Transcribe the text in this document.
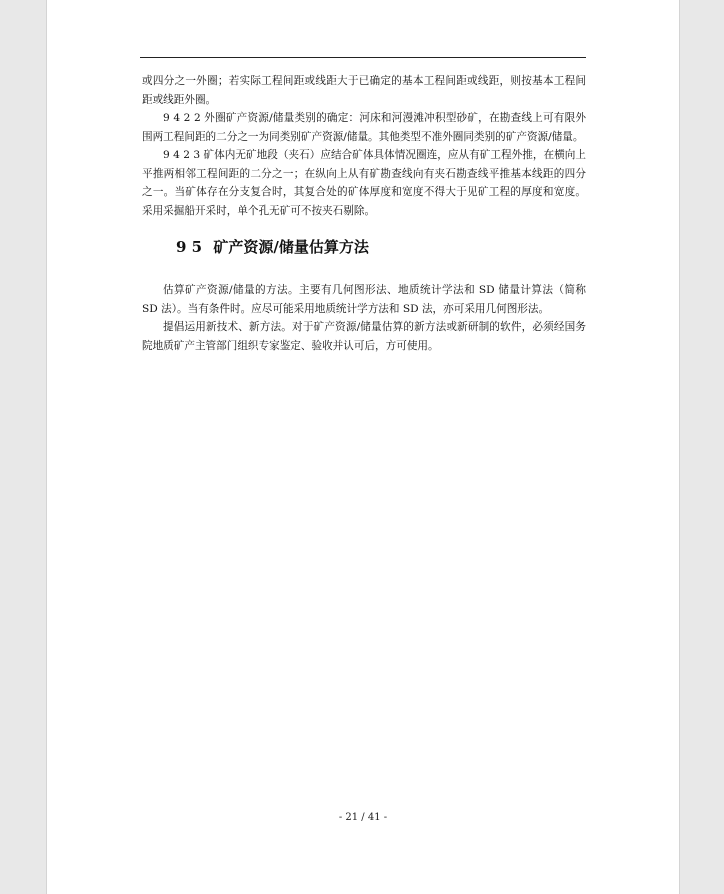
或四分之一外圈；若实际工程间距或线距大于已确定的基本工程间距或线距，则按基本工程间距或线距外圈。

9 4 2 2 外圈矿产资源/储量类别的确定：河床和河漫滩冲积型砂矿，在勘查线上可有限外围两工程间距的二分之一为同类别矿产资源/储量。其他类型不准外圈同类别的矿产资源/储量。

9 4 2 3 矿体内无矿地段（夹石）应结合矿体具体情况圈连，应从有矿工程外推，在横向上平推两相邻工程间距的二分之一；在纵向上从有矿勘查线向有夹石勘查线平推基本线距的四分之一。当矿体存在分支复合时，其复合处的矿体厚度和宽度不得大于见矿工程的厚度和宽度。采用采掘船开采时，单个孔无矿可不按夹石剔除。

9 5 矿产资源/储量估算方法

估算矿产资源/储量的方法。主要有几何图形法、地质统计学法和 SD 储量计算法（简称 SD 法）。当有条件时。应尽可能采用地质统计学方法和 SD 法，亦可采用几何图形法。

提倡运用新技术、新方法。对于矿产资源/储量估算的新方法或新研制的软件，必须经国务院地质矿产主管部门组织专家鉴定、验收并认可后，方可使用。

- 21 / 41 -
